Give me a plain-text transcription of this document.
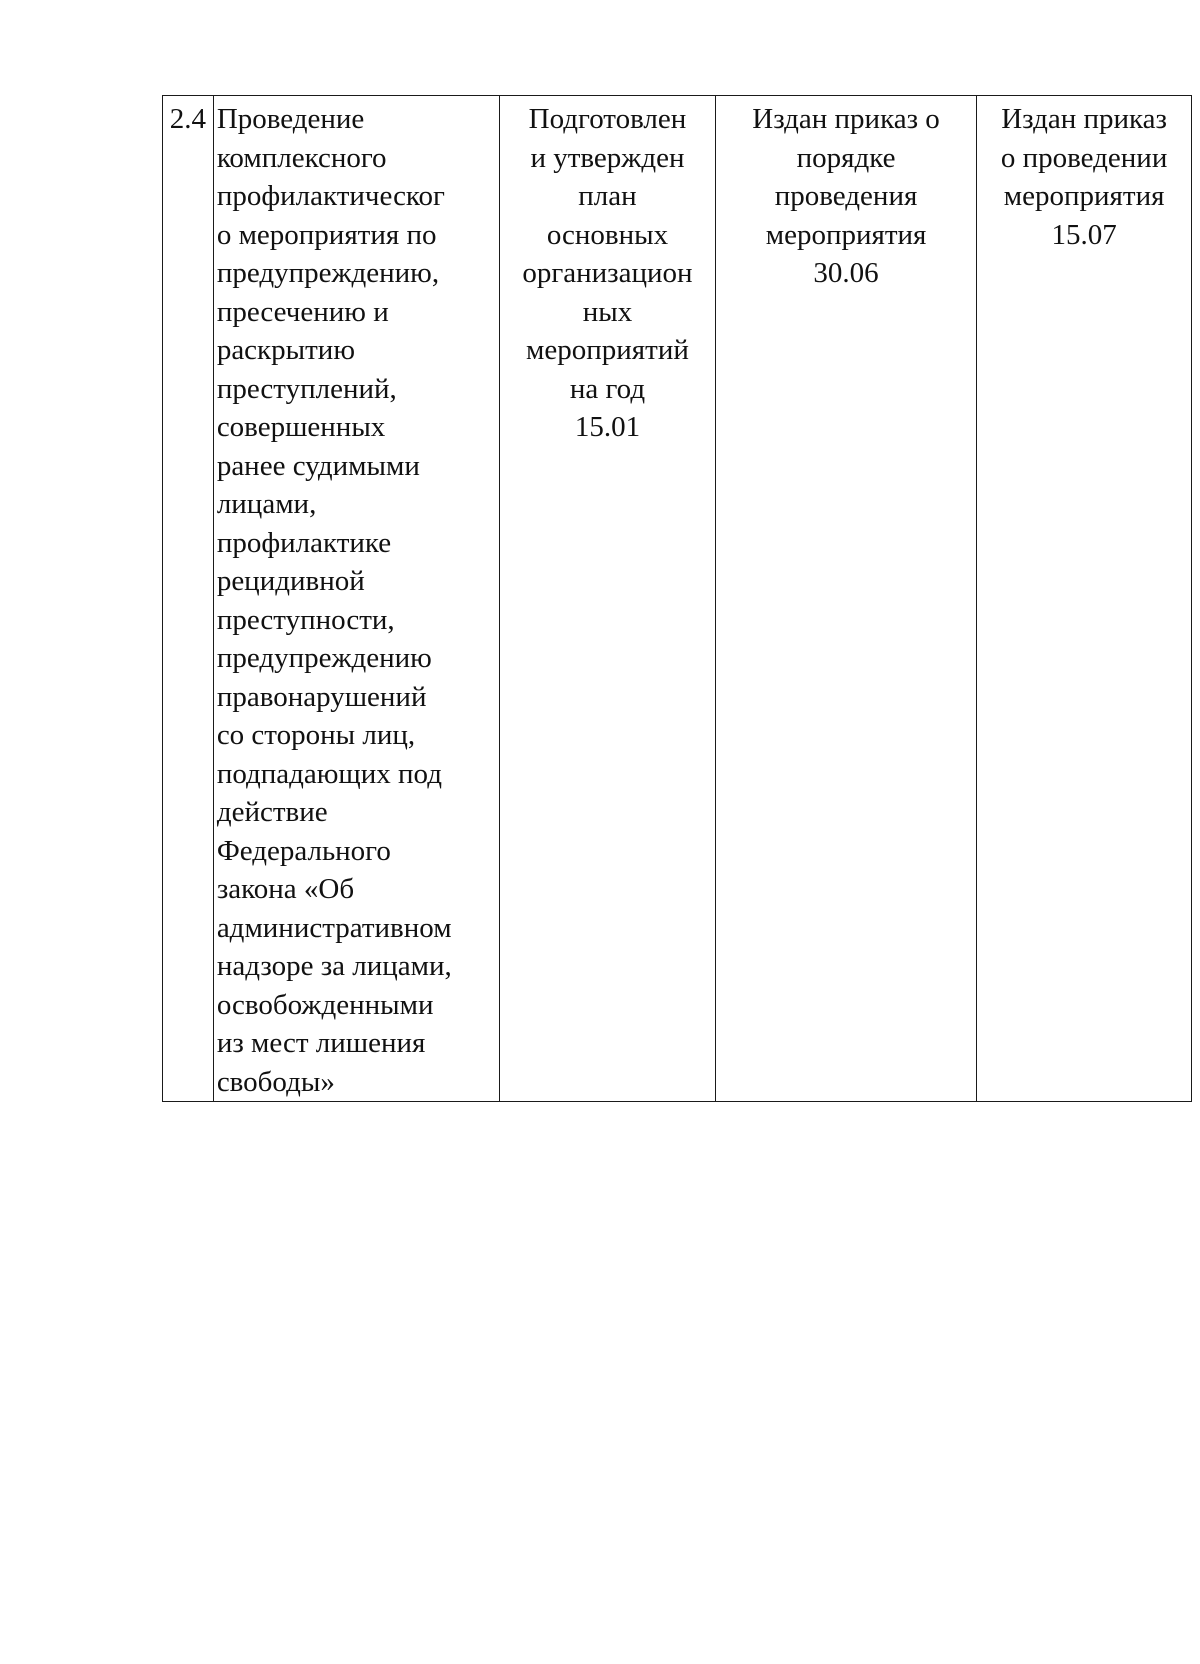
2.4	Проведение
комплексного
профилактическог
о мероприятия по
предупреждению,
пресечению и
раскрытию
преступлений,
совершенных
ранее судимыми
лицами,
профилактике
рецидивной
преступности,
предупреждению
правонарушений
со стороны лиц,
подпадающих под
действие
Федерального
закона «Об
административном
надзоре за лицами,
освобожденными
из мест лишения
свободы»	Подготовлен
и утвержден
план
основных
организацион
ных
мероприятий
на год
15.01	Издан приказ о
порядке
проведения
мероприятия
30.06	Издан приказ
о проведении
мероприятия
15.07
